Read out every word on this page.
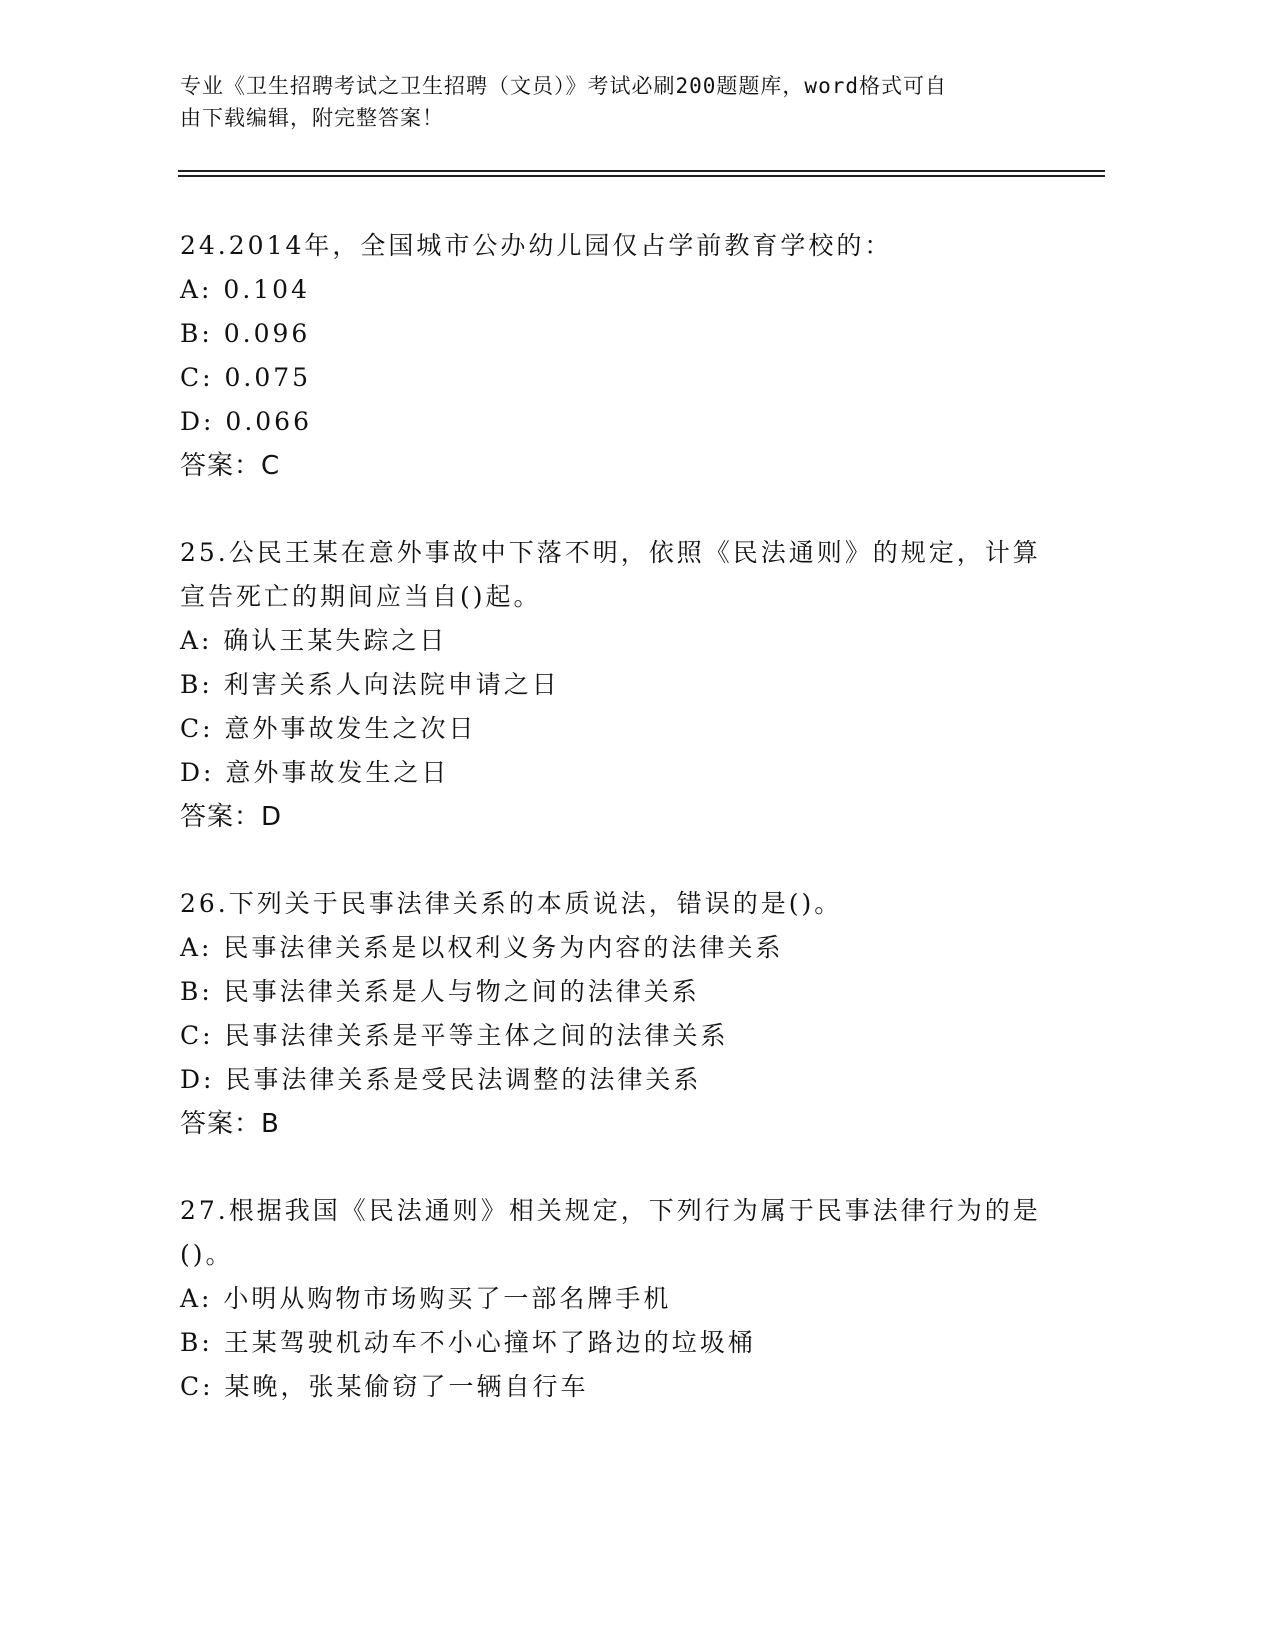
专业《卫生招聘考试之卫生招聘（文员）》考试必刷200题题库，word格式可自
由下载编辑，附完整答案！

24.2014年，全国城市公办幼儿园仅占学前教育学校的：

A: 0.104

B: 0.096

C: 0.075

D: 0.066

答案：C

25.公民王某在意外事故中下落不明，依照《民法通则》的规定，计算

宣告死亡的期间应当自()起。

A: 确认王某失踪之日

B: 利害关系人向法院申请之日

C: 意外事故发生之次日

D: 意外事故发生之日

答案：D

26.下列关于民事法律关系的本质说法，错误的是()。

A: 民事法律关系是以权利义务为内容的法律关系

B: 民事法律关系是人与物之间的法律关系

C: 民事法律关系是平等主体之间的法律关系

D: 民事法律关系是受民法调整的法律关系

答案：B

27.根据我国《民法通则》相关规定，下列行为属于民事法律行为的是

()。

A: 小明从购物市场购买了一部名牌手机

B: 王某驾驶机动车不小心撞坏了路边的垃圾桶

C: 某晚，张某偷窃了一辆自行车
